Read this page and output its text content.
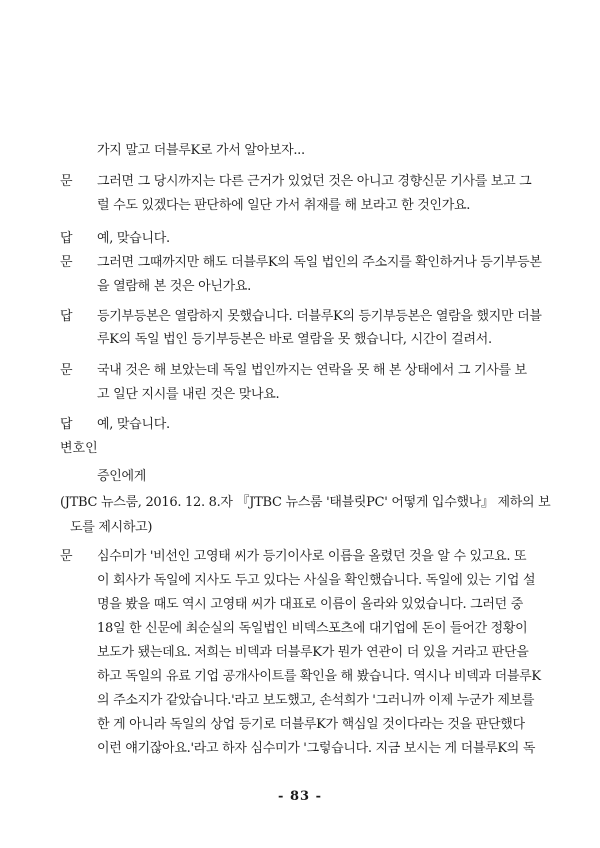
가지 말고 더블루K로 가서 알아보자...
문 그러면 그 당시까지는 다른 근거가 있었던 것은 아니고 경향신문 기사를 보고 그
럴 수도 있겠다는 판단하에 일단 가서 취재를 해 보라고 한 것인가요.
답 예, 맞습니다.
문 그러면 그때까지만 해도 더블루K의 독일 법인의 주소지를 확인하거나 등기부등본
을 열람해 본 것은 아닌가요.
답 등기부등본은 열람하지 못했습니다. 더블루K의 등기부등본은 열람을 했지만 더블
루K의 독일 법인 등기부등본은 바로 열람을 못 했습니다, 시간이 걸려서.
문 국내 것은 해 보았는데 독일 법인까지는 연락을 못 해 본 상태에서 그 기사를 보
고 일단 지시를 내린 것은 맞나요.
답 예, 맞습니다.
변호인
증인에게
(JTBC 뉴스룸, 2016. 12. 8.자 『JTBC 뉴스룸 '태블릿PC' 어떻게 입수했나』 제하의 보
도를 제시하고)
문 심수미가 '비선인 고영태 씨가 등기이사로 이름을 올렸던 것을 알 수 있고요. 또
이 회사가 독일에 지사도 두고 있다는 사실을 확인했습니다. 독일에 있는 기업 설
명을 봤을 때도 역시 고영태 씨가 대표로 이름이 올라와 있었습니다. 그러던 중
18일 한 신문에 최순실의 독일법인 비덱스포츠에 대기업에 돈이 들어간 정황이
보도가 됐는데요. 저희는 비덱과 더블루K가 뭔가 연관이 더 있을 거라고 판단을
하고 독일의 유료 기업 공개사이트를 확인을 해 봤습니다. 역시나 비덱과 더블루K
의 주소지가 같았습니다.'라고 보도했고, 손석희가 '그러니까 이제 누군가 제보를
한 게 아니라 독일의 상업 등기로 더블루K가 핵심일 것이다라는 것을 판단했다
이런 얘기잖아요.'라고 하자 심수미가 '그렇습니다. 지금 보시는 게 더블루K의 독
- 83 -
